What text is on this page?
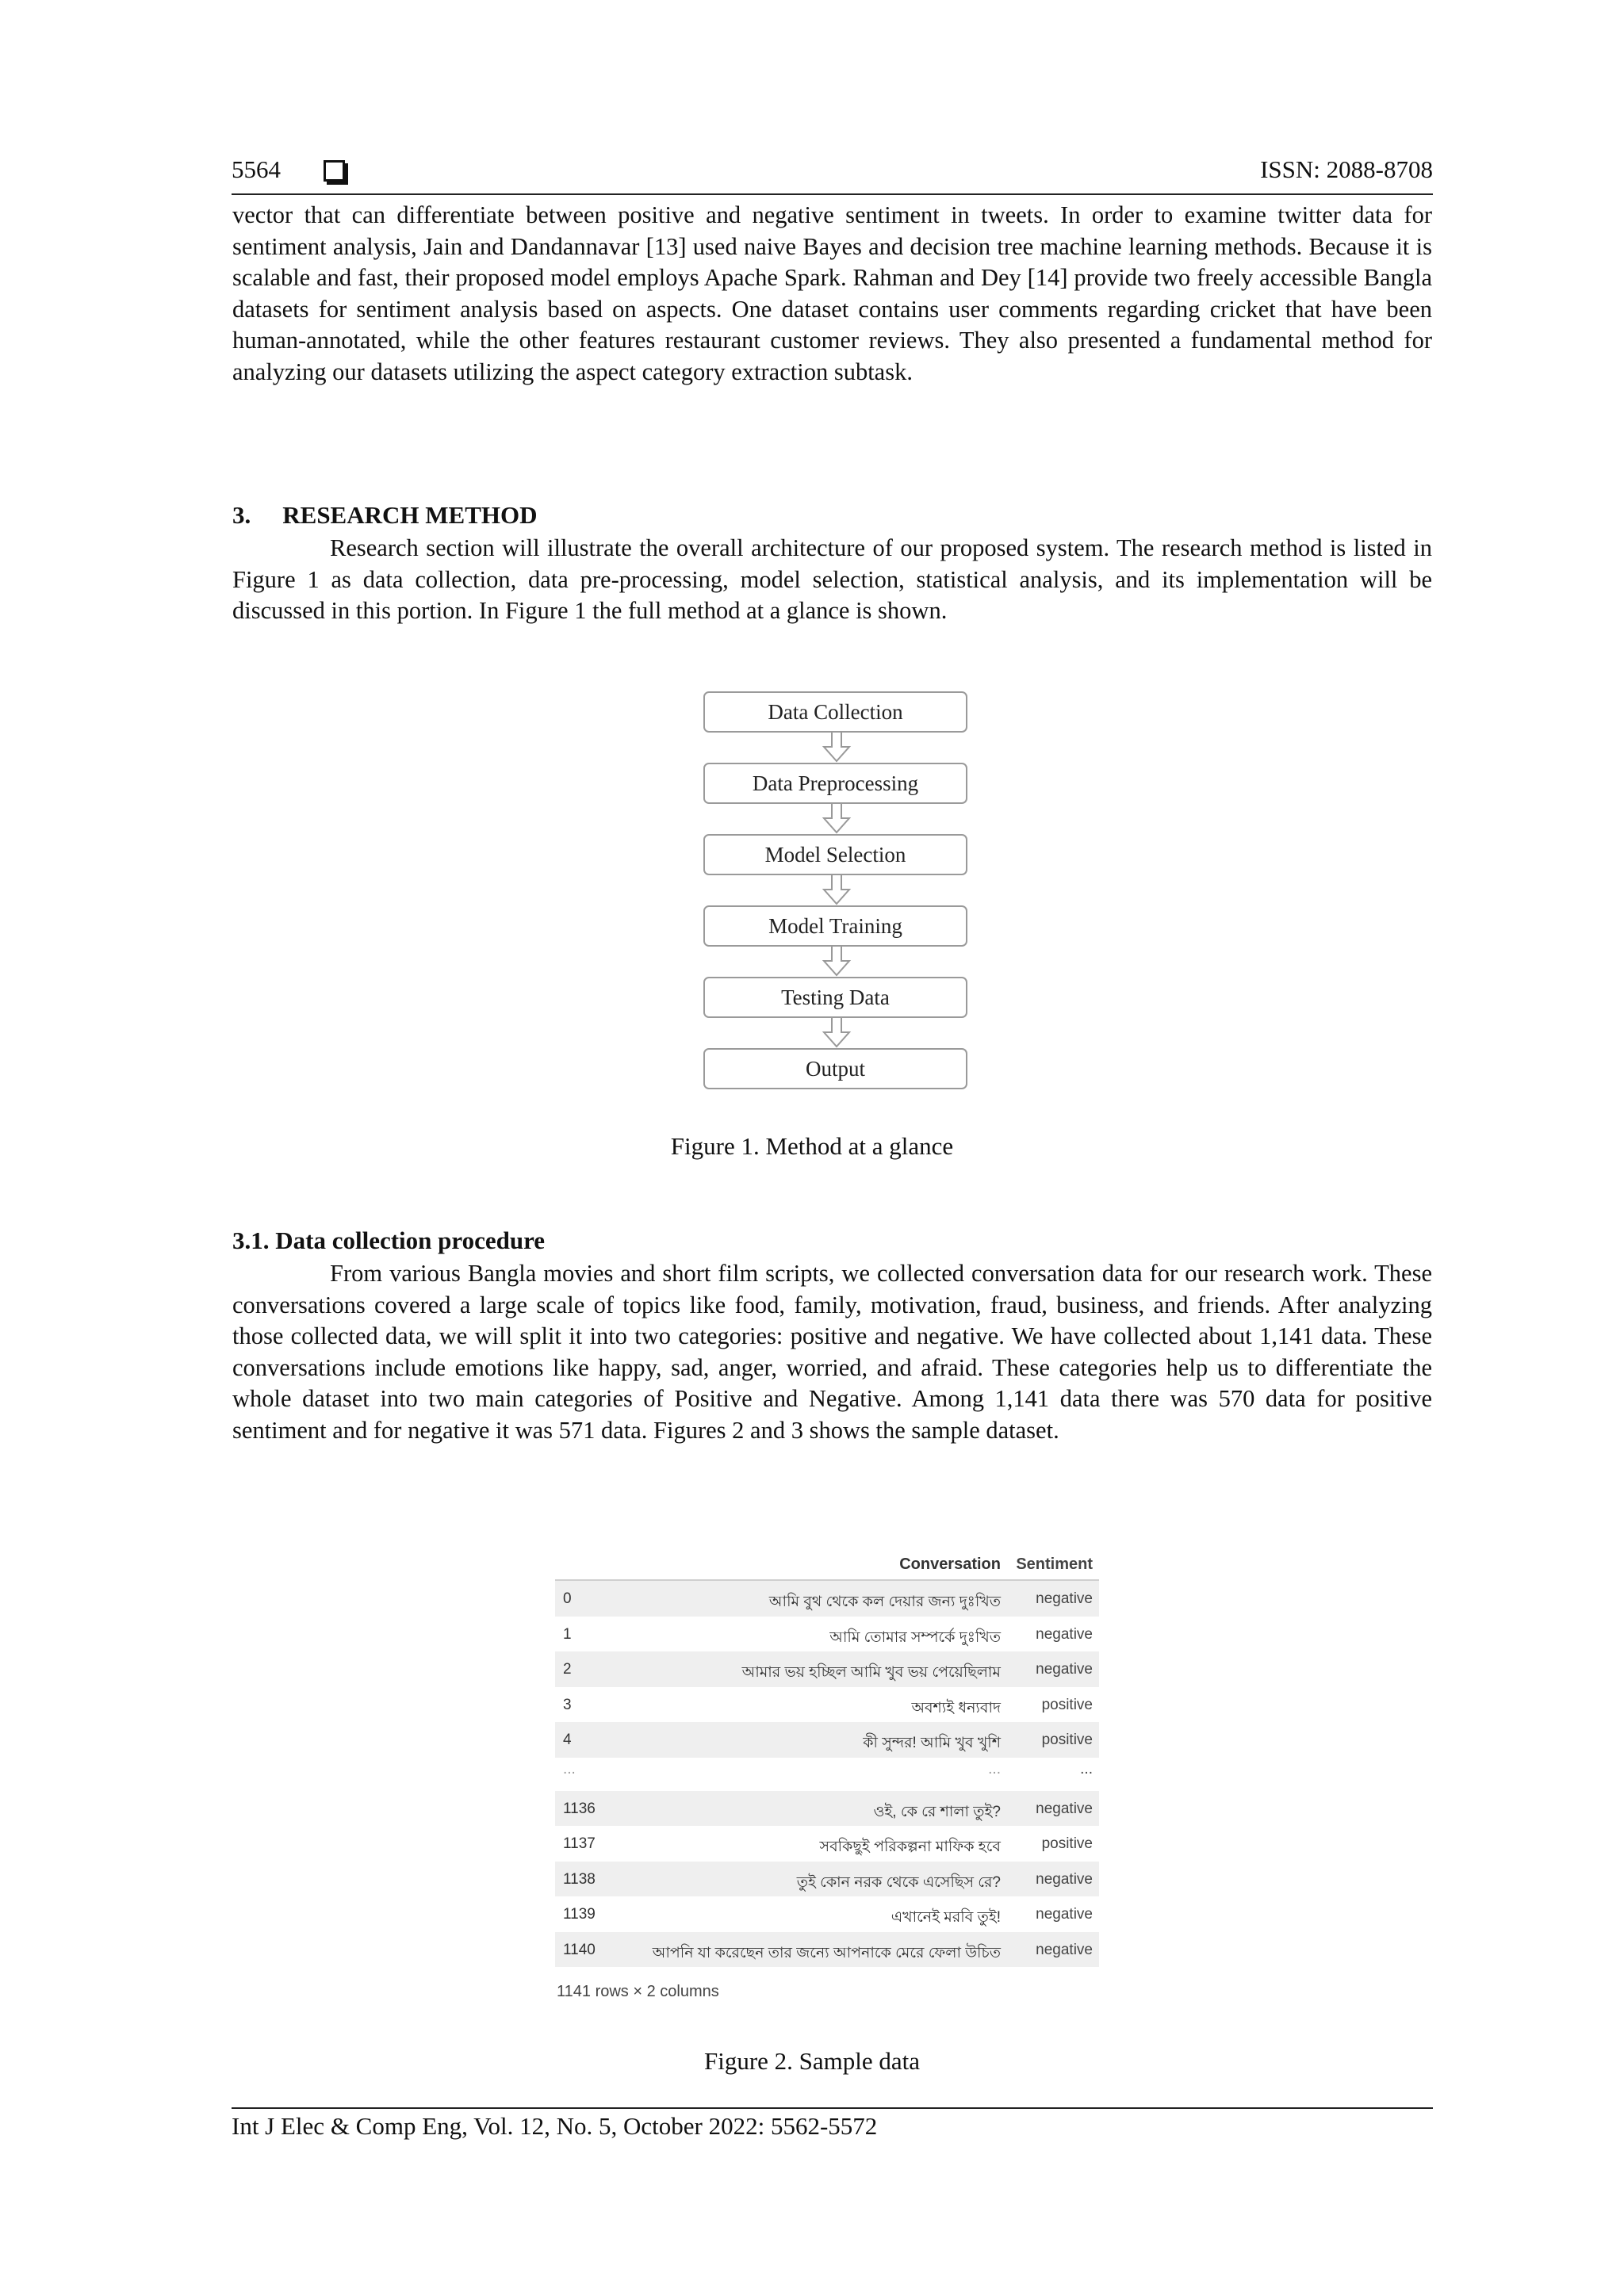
5564	ISSN: 2088-8708

vector that can differentiate between positive and negative sentiment in tweets. In order to examine twitter data for sentiment analysis, Jain and Dandannavar [13] used naive Bayes and decision tree machine learning methods. Because it is scalable and fast, their proposed model employs Apache Spark. Rahman and Dey [14] provide two freely accessible Bangla datasets for sentiment analysis based on aspects. One dataset contains user comments regarding cricket that have been human-annotated, while the other features restaurant customer reviews. They also presented a fundamental method for analyzing our datasets utilizing the aspect category extraction subtask.

3. RESEARCH METHOD

Research section will illustrate the overall architecture of our proposed system. The research method is listed in Figure 1 as data collection, data pre-processing, model selection, statistical analysis, and its implementation will be discussed in this portion. In Figure 1 the full method at a glance is shown.

Data Collection
Data Preprocessing
Model Selection
Model Training
Testing Data
Output
Figure 1. Method at a glance
3.1. Data collection procedure

From various Bangla movies and short film scripts, we collected conversation data for our research work. These conversations covered a large scale of topics like food, family, motivation, fraud, business, and friends. After analyzing those collected data, we will split it into two categories: positive and negative. We have collected about 1,141 data. These conversations include emotions like happy, sad, anger, worried, and afraid. These categories help us to differentiate the whole dataset into two main categories of Positive and Negative. Among 1,141 data there was 570 data for positive sentiment and for negative it was 571 data. Figures 2 and 3 shows the sample dataset.

Conversation Sentiment
0	আমি বুথ থেকে কল দেয়ার জন্য দুঃখিত	negative
1	আমি তোমার সম্পর্কে দুঃখিত	negative
2	আমার ভয় হচ্ছিল আমি খুব ভয় পেয়েছিলাম	negative
3	অবশ্যই ধন্যবাদ	positive
4	কী সুন্দর! আমি খুব খুশি	positive
...	...	...
1136	ওই, কে রে শালা তুই?	negative
1137	সবকিছুই পরিকল্পনা মাফিক হবে	positive
1138	তুই কোন নরক থেকে এসেছিস রে?	negative
1139	এখানেই মরবি তুই!	negative
1140	আপনি যা করেছেন তার জন্যে আপনাকে মেরে ফেলা উচিত	negative
1141 rows × 2 columns
Figure 2. Sample data
Int J Elec & Comp Eng, Vol. 12, No. 5, October 2022: 5562-5572
